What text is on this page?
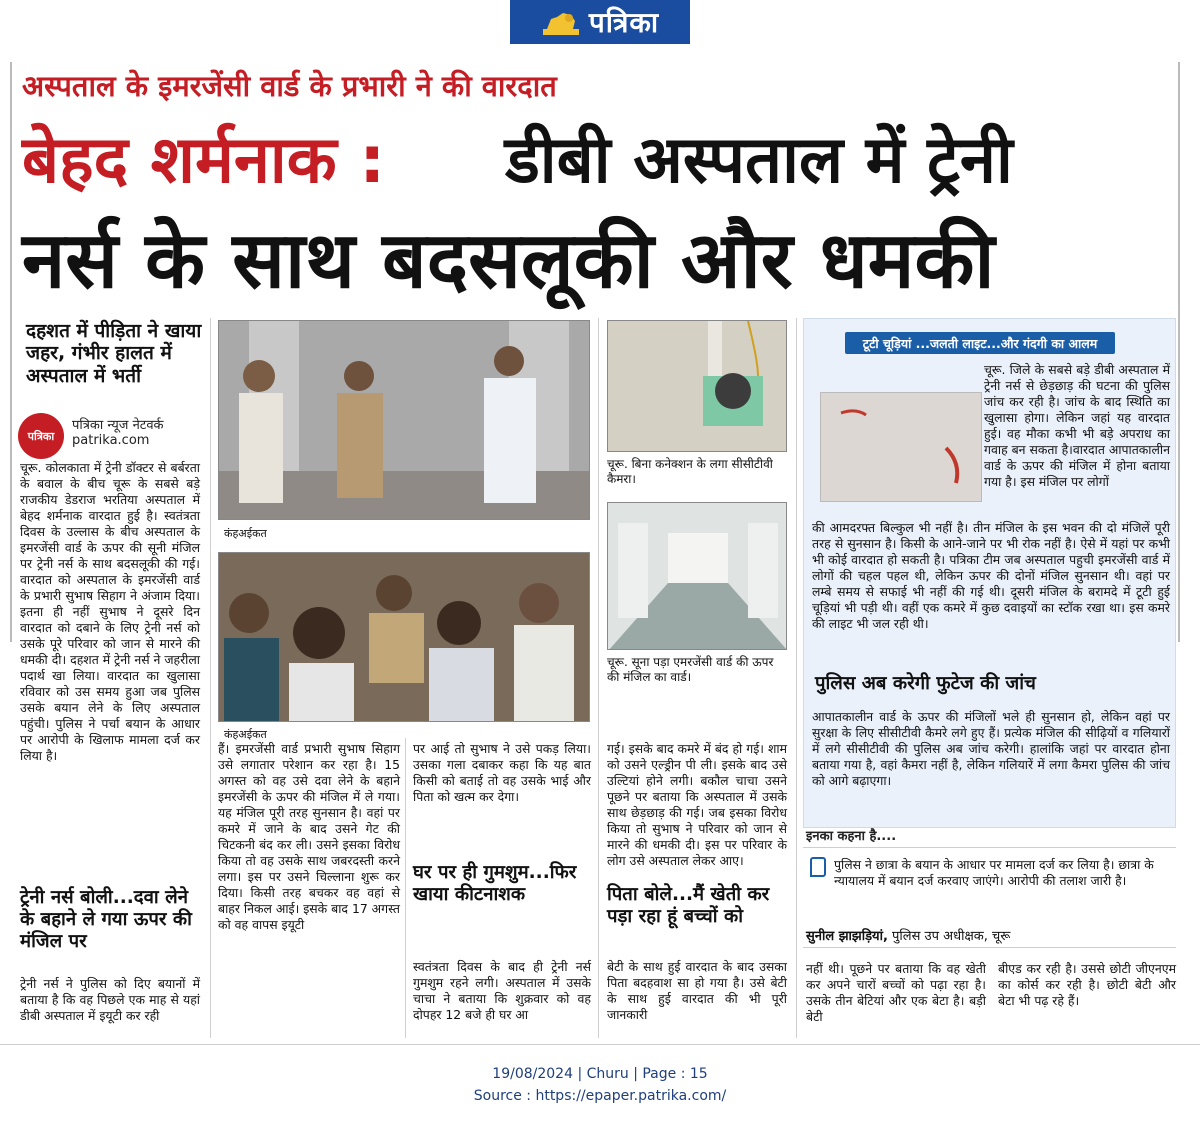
पत्रिका
अस्पताल के इमरजेंसी वार्ड के प्रभारी ने की वारदात
बेहद शर्मनाक : डीबी अस्पताल में ट्रेनी
नर्स के साथ बदसलूकी और धमकी
दहशत में पीड़िता ने खाया जहर, गंभीर हालत में अस्पताल में भर्ती
पत्रिका
पत्रिका न्यूज नेटवर्क
patrika.com
चूरू. कोलकाता में ट्रेनी डॉक्टर से बर्बरता के बवाल के बीच चूरू के सबसे बड़े राजकीय डेडराज भरतिया अस्पताल में बेहद शर्मनाक वारदात हुई है। स्वतंत्रता दिवस के उल्लास के बीच अस्पताल के इमरजेंसी वार्ड के ऊपर की सूनी मंजिल पर ट्रेनी नर्स के साथ बदसलूकी की गई। वारदात को अस्पताल के इमरजेंसी वार्ड के प्रभारी सुभाष सिहाग ने अंजाम दिया। इतना ही नहीं सुभाष ने दूसरे दिन वारदात को दबाने के लिए ट्रेनी नर्स को उसके पूरे परिवार को जान से मारने की धमकी दी। दहशत में ट्रेनी नर्स ने जहरीला पदार्थ खा लिया। वारदात का खुलासा रविवार को उस समय हुआ जब पुलिस उसके बयान लेने के लिए अस्पताल पहुंची। पुलिस ने पर्चा बयान के आधार पर आरोपी के खिलाफ मामला दर्ज कर लिया है।
ट्रेनी नर्स बोली...दवा लेने के बहाने ले गया ऊपर की मंजिल पर
ट्रेनी नर्स ने पुलिस को दिए बयानों में बताया है कि वह पिछले एक माह से यहां डीबी अस्पताल में इयूटी कर रही
कंहअईकत
कंहअईकत
चूरू. बिना कनेक्शन के लगा सीसीटीवी कैमरा।
चूरू. सूना पड़ा एमरजेंसी वार्ड की ऊपर की मंजिल का वार्ड।
हैं। इमरजेंसी वार्ड प्रभारी सुभाष सिहाग उसे लगातार परेशान कर रहा है। 15 अगस्त को वह उसे दवा लेने के बहाने इमरजेंसी के ऊपर की मंजिल में ले गया। यह मंजिल पूरी तरह सुनसान है। वहां पर कमरे में जाने के बाद उसने गेट की चिटकनी बंद कर ली। उसने इसका विरोध किया तो वह उसके साथ जबरदस्ती करने लगा। इस पर उसने चिल्लाना शुरू कर दिया। किसी तरह बचकर वह वहां से बाहर निकल आई। इसके बाद 17 अगस्त को वह वापस इयूटी
पर आई तो सुभाष ने उसे पकड़ लिया। उसका गला दबाकर कहा कि यह बात किसी को बताई तो वह उसके भाई और पिता को खत्म कर देगा।
घर पर ही गुमशुम...फिर खाया कीटनाशक
स्वतंत्रता दिवस के बाद ही ट्रेनी नर्स गुमशुम रहने लगी। अस्पताल में उसके चाचा ने बताया कि शुक्रवार को वह दोपहर 12 बजे ही घर आ
गई। इसके बाद कमरे में बंद हो गई। शाम को उसने एल्ड्रीन पी ली। इसके बाद उसे उल्टियां होने लगी। बकौल चाचा उसने पूछने पर बताया कि अस्पताल में उसके साथ छेड़छाड़ की गई। जब इसका विरोध किया तो सुभाष ने परिवार को जान से मारने की धमकी दी। इस पर परिवार के लोग उसे अस्पताल लेकर आए।
पिता बोले...मैं खेती कर पड़ा रहा हूं बच्चों को
बेटी के साथ हुई वारदात के बाद उसका पिता बदहवाश सा हो गया है। उसे बेटी के साथ हुई वारदात की भी पूरी जानकारी
टूटी चूड़ियां ...जलती लाइट...और गंदगी का आलम
चूरू. जिले के सबसे बड़े डीबी अस्पताल में ट्रेनी नर्स से छेड़छाड़ की घटना की पुलिस जांच कर रही है। जांच के बाद स्थिति का खुलासा होगा। लेकिन जहां यह वारदात हुई। वह मौका कभी भी बड़े अपराध का गवाह बन सकता है।वारदात आपातकालीन वार्ड के ऊपर की मंजिल में होना बताया गया है। इस मंजिल पर लोगों
की आमदरफ्त बिल्कुल भी नहीं है। तीन मंजिल के इस भवन की दो मंजिलें पूरी तरह से सुनसान है। किसी के आने-जाने पर भी रोक नहीं है। ऐसे में यहां पर कभी भी कोई वारदात हो सकती है। पत्रिका टीम जब अस्पताल पहुची इमरजेंसी वार्ड में लोगों की चहल पहल थी, लेकिन ऊपर की दोनों मंजिल सुनसान थी। वहां पर लम्बे समय से सफाई भी नहीं की गई थी। दूसरी मंजिल के बरामदे में टूटी हुई चूड़ियां भी पड़ी थी। वहीं एक कमरे में कुछ दवाइयों का स्टॉक रखा था। इस कमरे की लाइट भी जल रही थी।
पुलिस अब करेगी फुटेज की जांच
आपातकालीन वार्ड के ऊपर की मंजिलों भले ही सुनसान हो, लेकिन वहां पर सुरक्षा के लिए सीसीटीवी कैमरे लगे हुए हैं। प्रत्येक मंजिल की सीढ़ियों व गलियारों में लगे सीसीटीवी की पुलिस अब जांच करेगी। हालांकि जहां पर वारदात होना बताया गया है, वहां कैमरा नहीं है, लेकिन गलियारें में लगा कैमरा पुलिस की जांच को आगे बढ़ाएगा।
इनका कहना है....
पुलिस ने छात्रा के बयान के आधार पर मामला दर्ज कर लिया है। छात्रा के न्यायालय में बयान दर्ज करवाए जाएंगे। आरोपी की तलाश जारी है।
सुनील झाझड़ियां, पुलिस उप अधीक्षक, चूरू
नहीं थी। पूछने पर बताया कि वह खेती कर अपने चारों बच्चों को पढ़ा रहा है। उसके तीन बेटियां और एक बेटा है। बड़ी बेटी
बीएड कर रही है। उससे छोटी जीएनएम का कोर्स कर रही है। छोटी बेटी और बेटा भी पढ़ रहे हैं।
19/08/2024 | Churu | Page : 15
Source : https://epaper.patrika.com/
